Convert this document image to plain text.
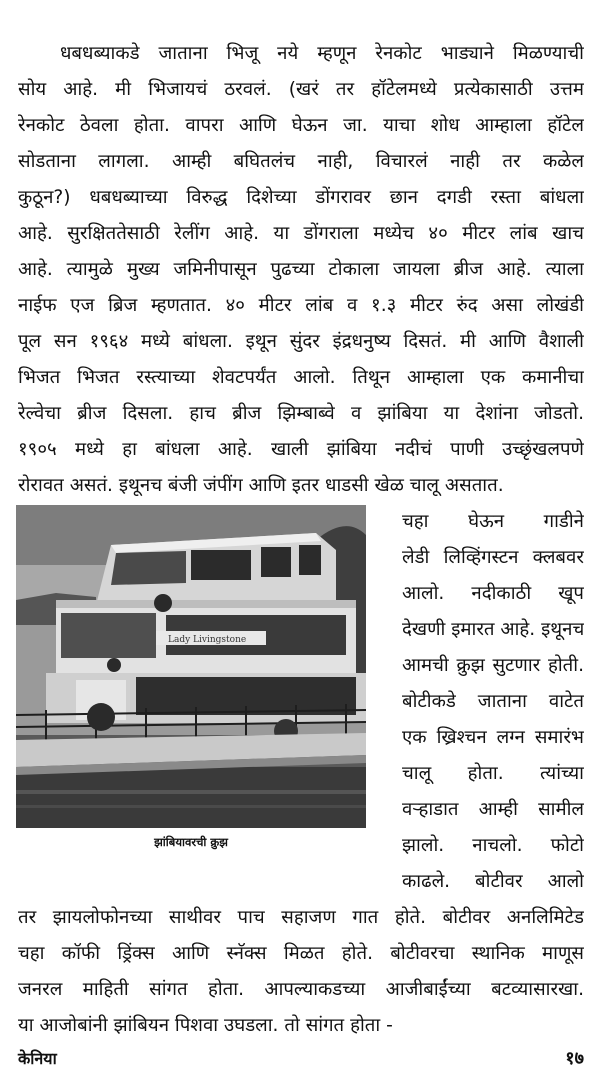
धबधब्याकडे जाताना भिजू नये म्हणून रेनकोट भाड्याने मिळण्याची
सोय आहे. मी भिजायचं ठरवलं. (खरं तर हॉटेलमध्ये प्रत्येकासाठी उत्तम
रेनकोट ठेवला होता. वापरा आणि घेऊन जा. याचा शोध आम्हाला हॉटेल
सोडताना लागला. आम्ही बघितलंच नाही, विचारलं नाही तर कळेल
कुठून?) धबधब्याच्या विरुद्ध दिशेच्या डोंगरावर छान दगडी रस्ता बांधला
आहे. सुरक्षिततेसाठी रेलींग आहे. या डोंगराला मध्येच ४० मीटर लांब खाच
आहे. त्यामुळे मुख्य जमिनीपासून पुढच्या टोकाला जायला ब्रीज आहे. त्याला
नाईफ एज ब्रिज म्हणतात. ४० मीटर लांब व १.३ मीटर रुंद असा लोखंडी
पूल सन १९६४ मध्ये बांधला. इथून सुंदर इंद्रधनुष्य दिसतं. मी आणि वैशाली
भिजत भिजत रस्त्याच्या शेवटपर्यंत आलो. तिथून आम्हाला एक कमानीचा
रेल्वेचा ब्रीज दिसला. हाच ब्रीज झिम्बाब्वे व झांबिया या देशांना जोडतो.
१९०५ मध्ये हा बांधला आहे. खाली झांबिया नदीचं पाणी उच्छृंखलपणे
रोरावत असतं. इथूनच बंजी जंपींग आणि इतर धाडसी खेळ चालू असतात.
Lady Livingstone
झांबियावरची क्रुझ
चहा घेऊन गाडीने
लेडी लिव्हिंगस्टन क्लबवर
आलो. नदीकाठी खूप
देखणी इमारत आहे. इथूनच
आमची क्रुझ सुटणार होती.
बोटीकडे जाताना वाटेत
एक ख्रिश्चन लग्न समारंभ
चालू होता. त्यांच्या
वऱ्हाडात आम्ही सामील
झालो. नाचलो. फोटो
काढले. बोटीवर आलो
तर झायलोफोनच्या साथीवर पाच सहाजण गात होते. बोटीवर अनलिमिटेड
चहा कॉफी ड्रिंक्स आणि स्नॅक्स मिळत होते. बोटीवरचा स्थानिक माणूस
जनरल माहिती सांगत होता. आपल्याकडच्या आजीबाईंच्या बटव्यासारखा.
या आजोबांनी झांबियन पिशवा उघडला. तो सांगत होता -
केनिया	१७
